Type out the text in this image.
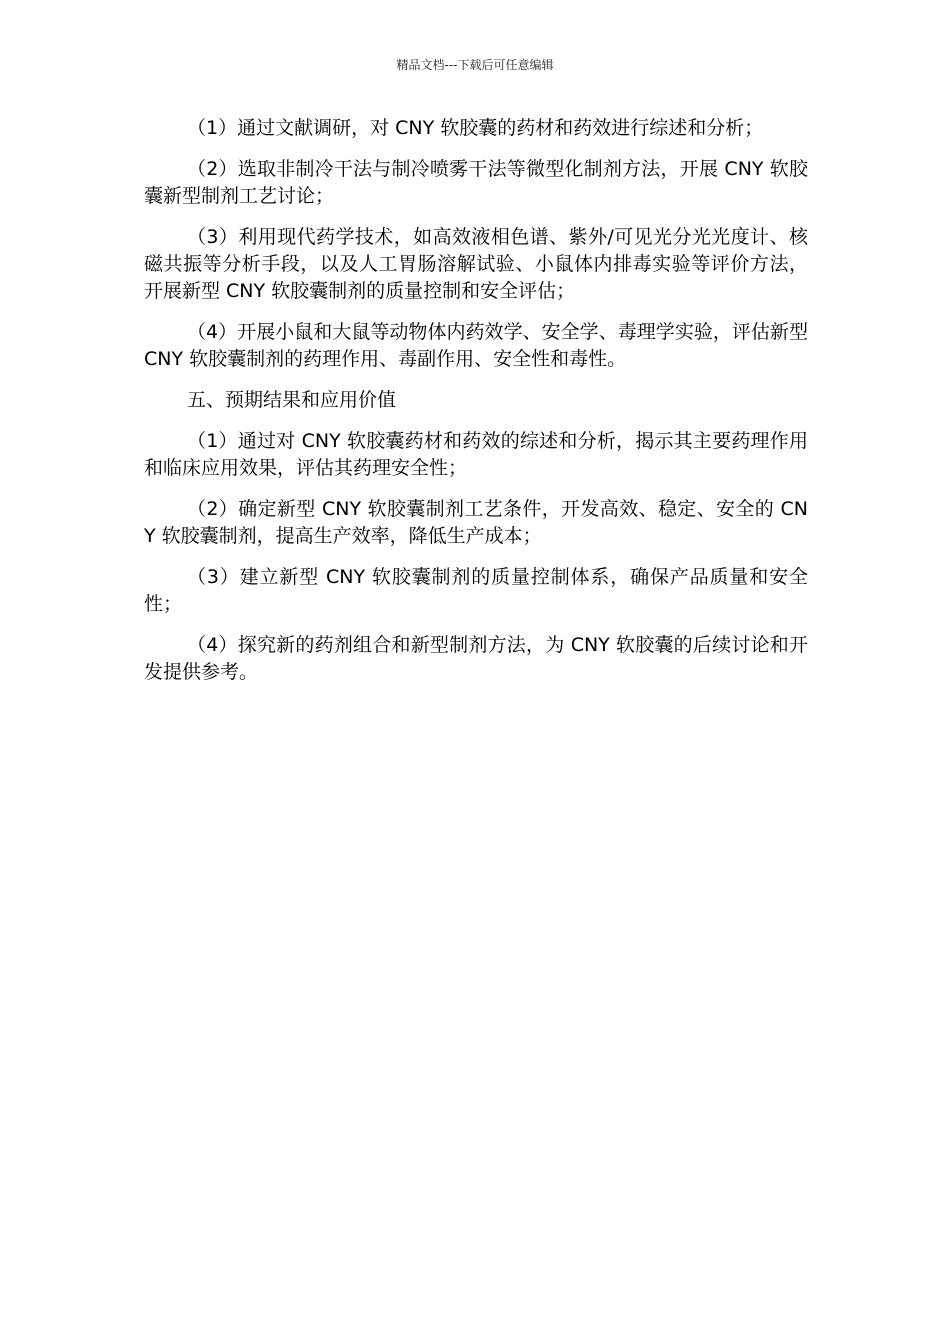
精品文档---下载后可任意编辑

（1）通过文献调研，对 CNY 软胶囊的药材和药效进行综述和分析；

（2）选取非制冷干法与制冷喷雾干法等微型化制剂方法，开展 CNY 软胶囊新型制剂工艺讨论；

（3）利用现代药学技术，如高效液相色谱、紫外/可见光分光光度计、核磁共振等分析手段，以及人工胃肠溶解试验、小鼠体内排毒实验等评价方法，开展新型 CNY 软胶囊制剂的质量控制和安全评估；

（4）开展小鼠和大鼠等动物体内药效学、安全学、毒理学实验，评估新型 CNY 软胶囊制剂的药理作用、毒副作用、安全性和毒性。

五、预期结果和应用价值

（1）通过对 CNY 软胶囊药材和药效的综述和分析，揭示其主要药理作用和临床应用效果，评估其药理安全性；

（2）确定新型 CNY 软胶囊制剂工艺条件，开发高效、稳定、安全的 CNY 软胶囊制剂，提高生产效率，降低生产成本；

（3）建立新型 CNY 软胶囊制剂的质量控制体系，确保产品质量和安全性；

（4）探究新的药剂组合和新型制剂方法，为 CNY 软胶囊的后续讨论和开发提供参考。
